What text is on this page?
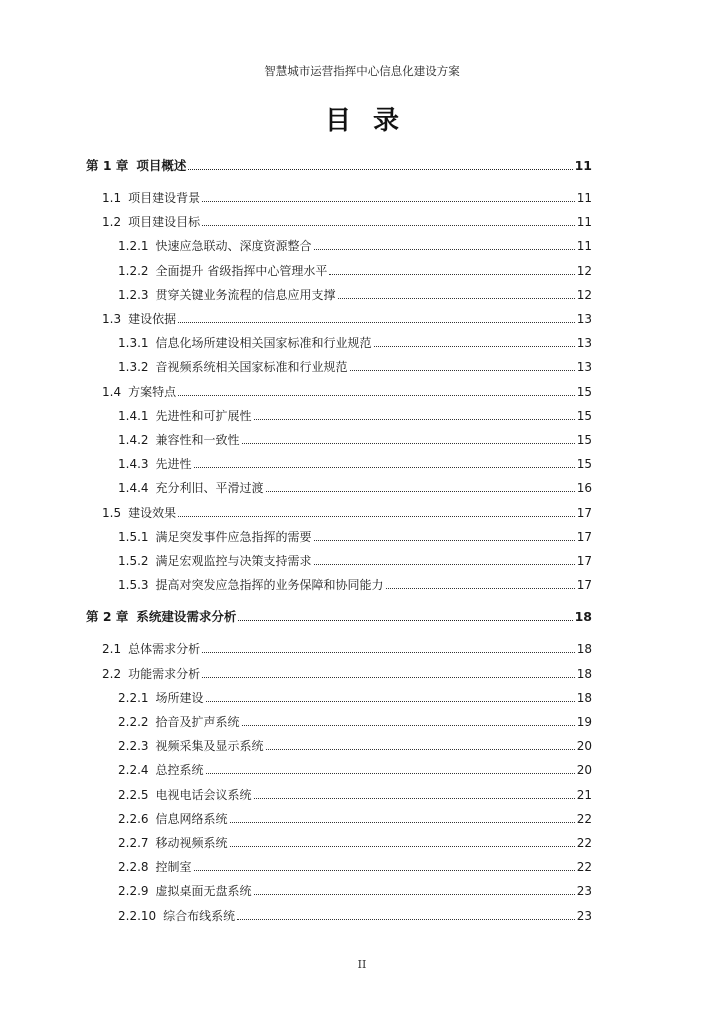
智慧城市运营指挥中心信息化建设方案
目录
第 1 章 项目概述	11
1.1 项目建设背景	11
1.2 项目建设目标	11
1.2.1 快速应急联动、深度资源整合	11
1.2.2 全面提升 省级指挥中心管理水平	12
1.2.3 贯穿关键业务流程的信息应用支撑	12
1.3 建设依据	13
1.3.1 信息化场所建设相关国家标准和行业规范	13
1.3.2 音视频系统相关国家标准和行业规范	13
1.4 方案特点	15
1.4.1 先进性和可扩展性	15
1.4.2 兼容性和一致性	15
1.4.3 先进性	15
1.4.4 充分利旧、平滑过渡	16
1.5 建设效果	17
1.5.1 满足突发事件应急指挥的需要	17
1.5.2 满足宏观监控与决策支持需求	17
1.5.3 提高对突发应急指挥的业务保障和协同能力	17
第 2 章 系统建设需求分析	18
2.1 总体需求分析	18
2.2 功能需求分析	18
2.2.1 场所建设	18
2.2.2 拾音及扩声系统	19
2.2.3 视频采集及显示系统	20
2.2.4 总控系统	20
2.2.5 电视电话会议系统	21
2.2.6 信息网络系统	22
2.2.7 移动视频系统	22
2.2.8 控制室	22
2.2.9 虚拟桌面无盘系统	23
2.2.10 综合布线系统	23
II
